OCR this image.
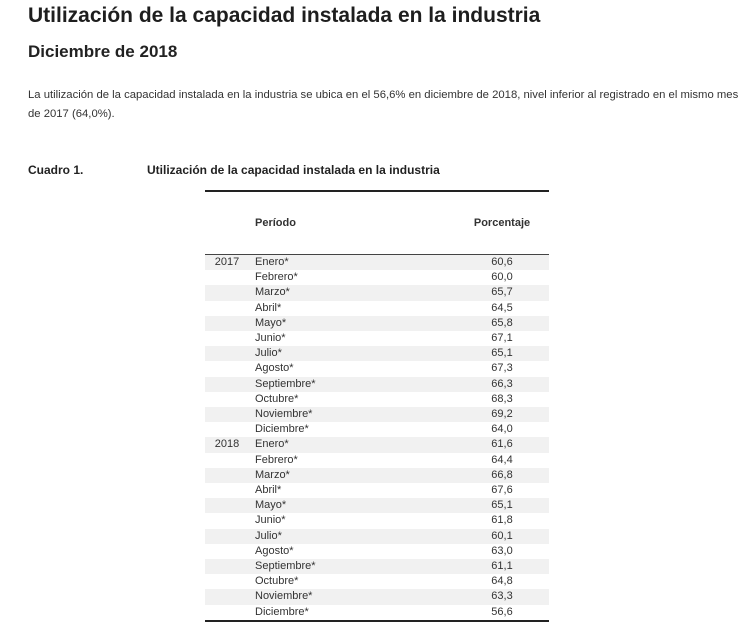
Utilización de la capacidad instalada en la industria
Diciembre de 2018

La utilización de la capacidad instalada en la industria se ubica en el 56,6% en diciembre de 2018, nivel inferior al registrado en el mismo mes de 2017 (64,0%).

Cuadro 1.	Utilización de la capacidad instalada en la industria
	Período	Porcentaje
2017	Enero*	60,6
	Febrero*	60,0
	Marzo*	65,7
	Abril*	64,5
	Mayo*	65,8
	Junio*	67,1
	Julio*	65,1
	Agosto*	67,3
	Septiembre*	66,3
	Octubre*	68,3
	Noviembre*	69,2
	Diciembre*	64,0
2018	Enero*	61,6
	Febrero*	64,4
	Marzo*	66,8
	Abril*	67,6
	Mayo*	65,1
	Junio*	61,8
	Julio*	60,1
	Agosto*	63,0
	Septiembre*	61,1
	Octubre*	64,8
	Noviembre*	63,3
	Diciembre*	56,6
